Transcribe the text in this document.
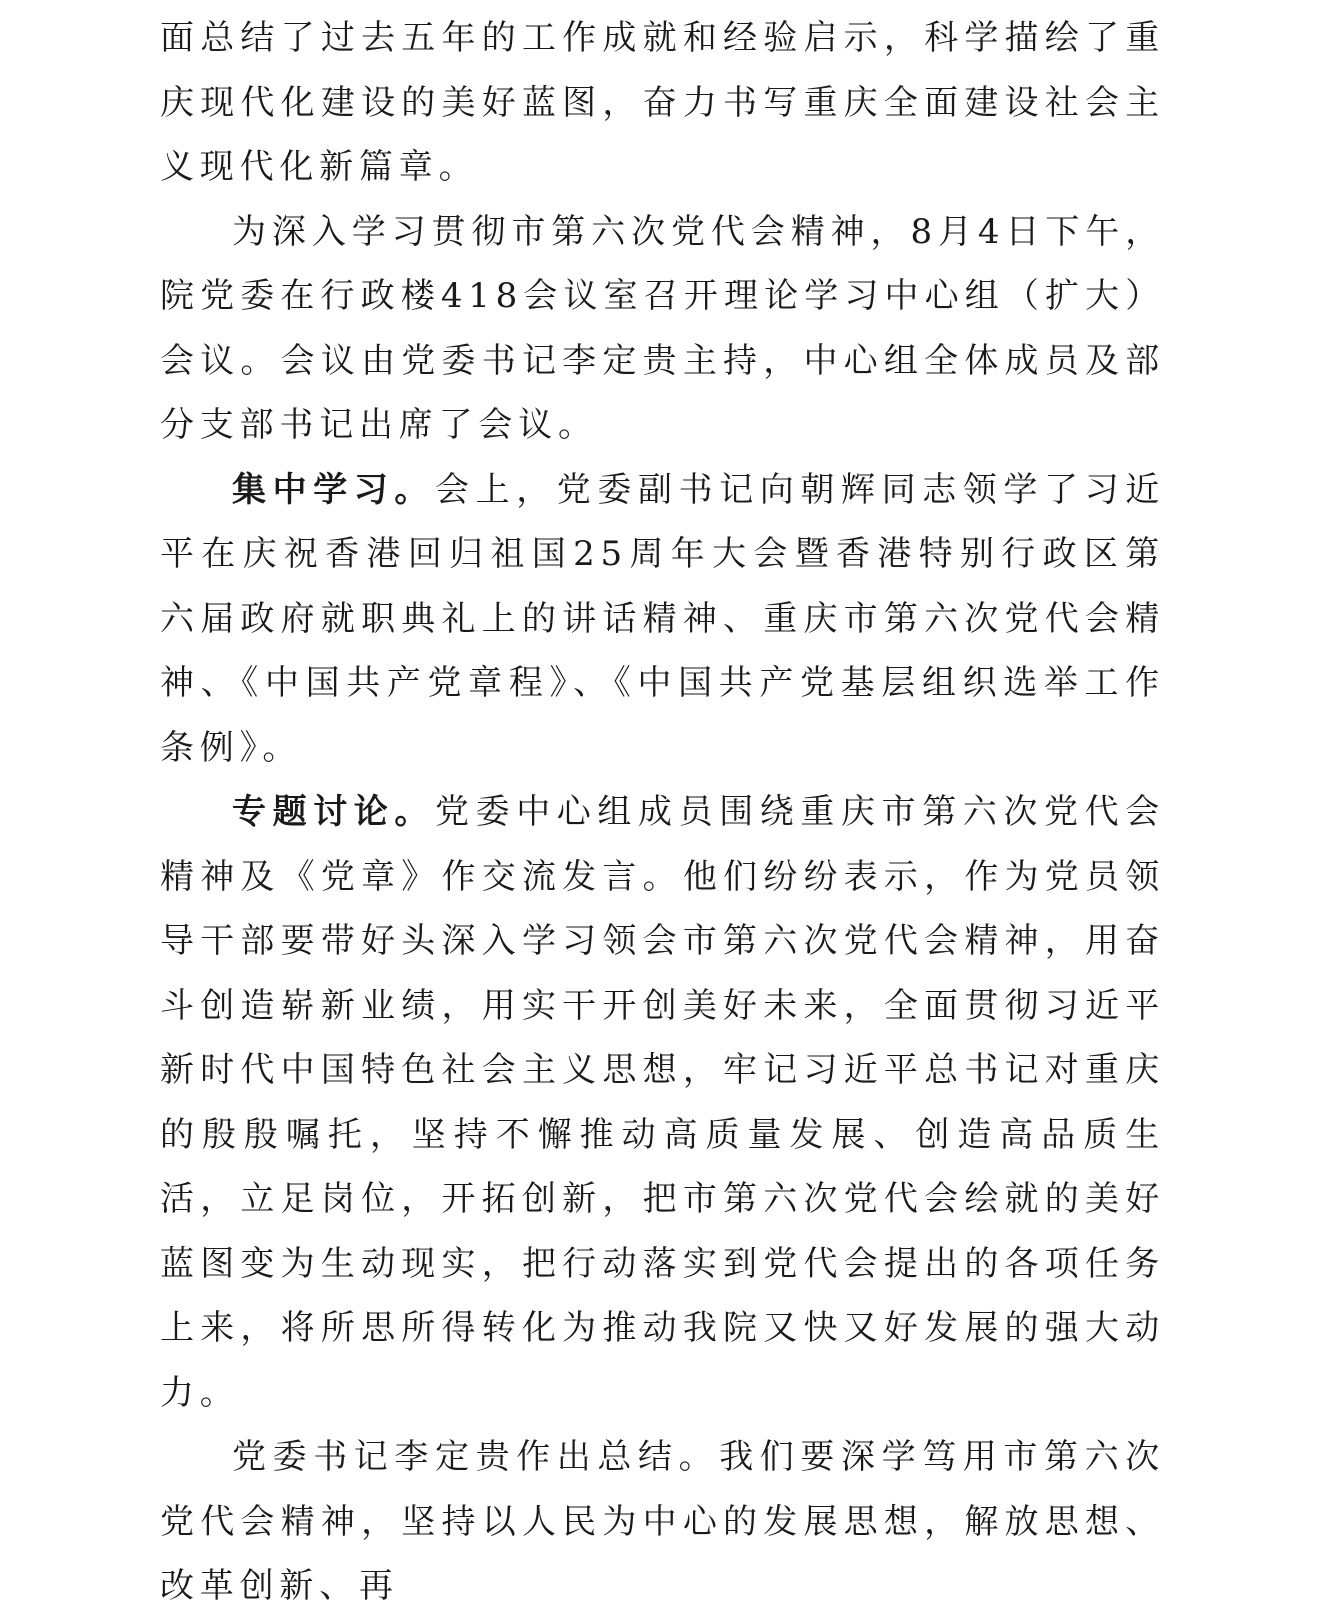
面总结了过去五年的工作成就和经验启示，科学描绘了重庆现代化建设的美好蓝图，奋力书写重庆全面建设社会主义现代化新篇章。

为深入学习贯彻市第六次党代会精神，8月4日下午，院党委在行政楼418会议室召开理论学习中心组（扩大）会议。会议由党委书记李定贵主持，中心组全体成员及部分支部书记出席了会议。

集中学习。会上，党委副书记向朝辉同志领学了习近平在庆祝香港回归祖国25周年大会暨香港特别行政区第六届政府就职典礼上的讲话精神、重庆市第六次党代会精神、《中国共产党章程》、《中国共产党基层组织选举工作条例》。

专题讨论。党委中心组成员围绕重庆市第六次党代会精神及《党章》作交流发言。他们纷纷表示，作为党员领导干部要带好头深入学习领会市第六次党代会精神，用奋斗创造崭新业绩，用实干开创美好未来，全面贯彻习近平新时代中国特色社会主义思想，牢记习近平总书记对重庆的殷殷嘱托，坚持不懈推动高质量发展、创造高品质生活，立足岗位，开拓创新，把市第六次党代会绘就的美好蓝图变为生动现实，把行动落实到党代会提出的各项任务上来，将所思所得转化为推动我院又快又好发展的强大动力。

党委书记李定贵作出总结。我们要深学笃用市第六次党代会精神，坚持以人民为中心的发展思想，解放思想、改革创新、再
